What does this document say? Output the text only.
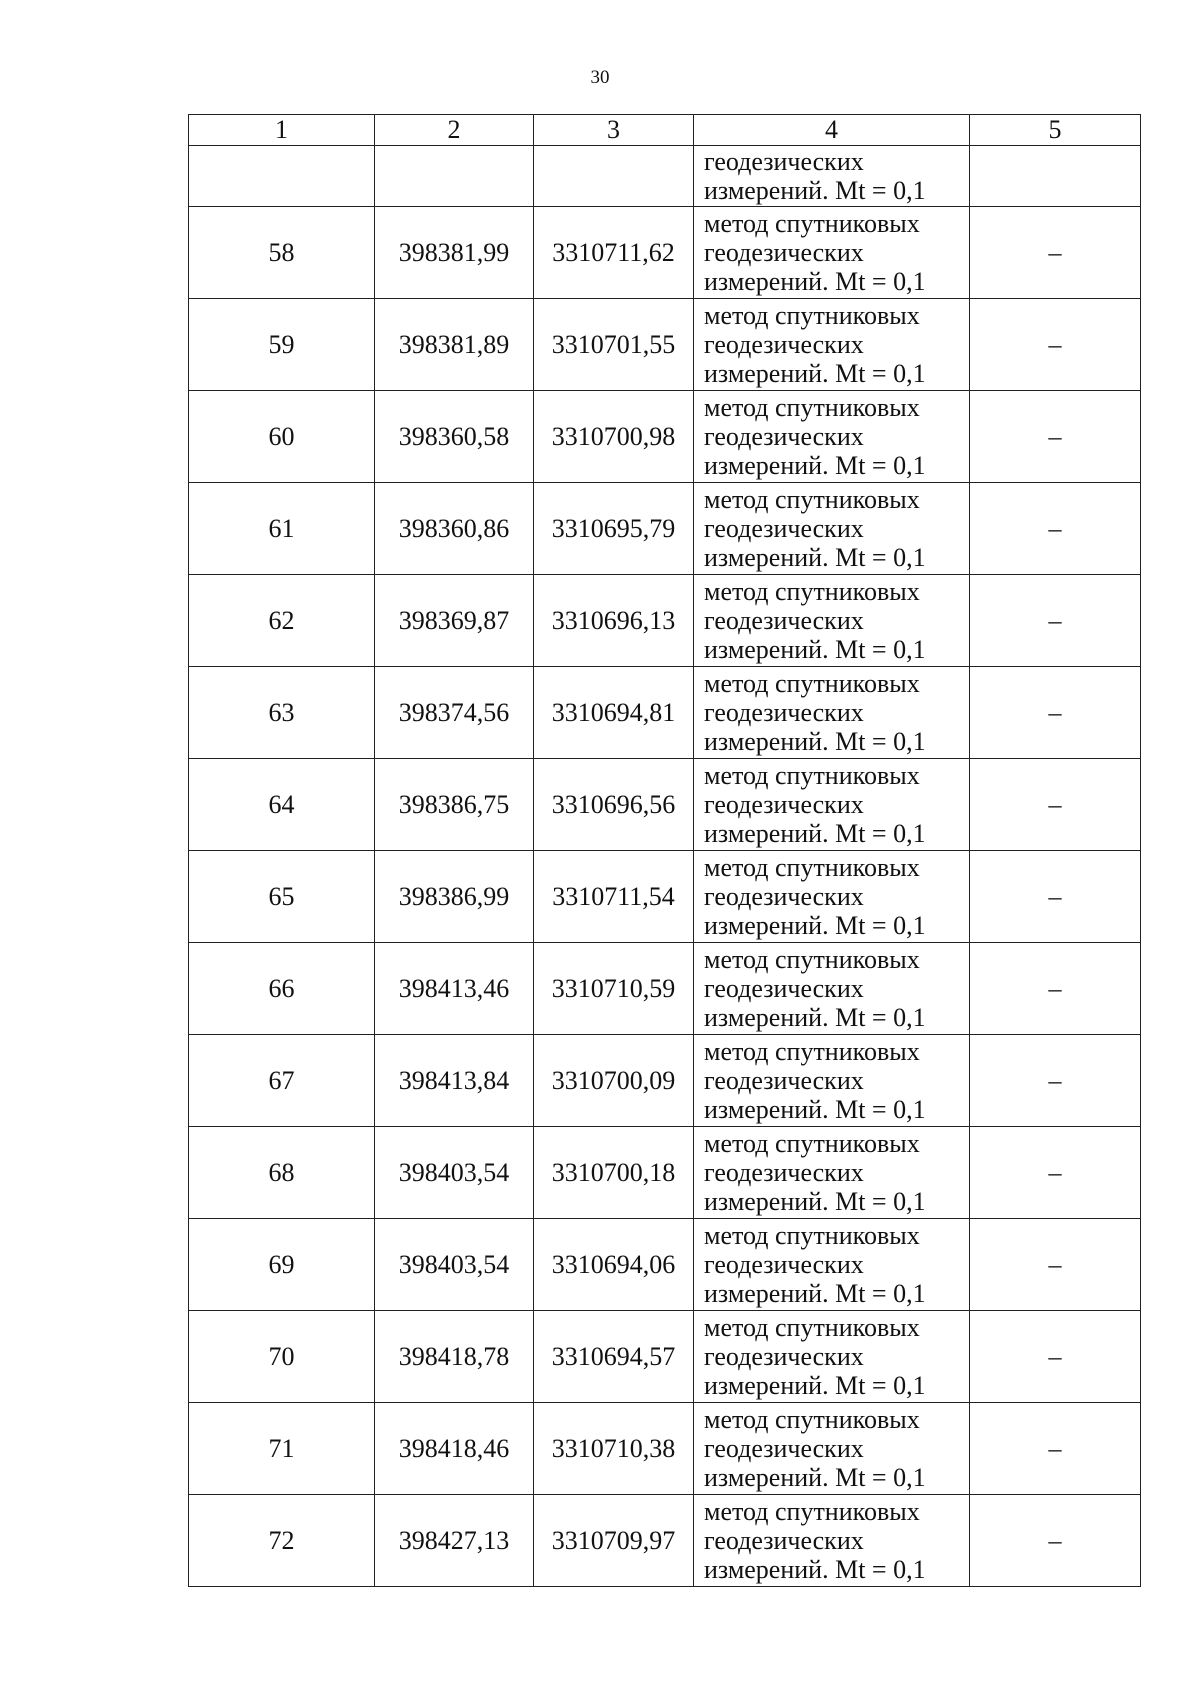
30
1	2	3	4	5
			геодезических
измерений. Mt = 0,1	
58	398381,99	3310711,62	метод спутниковых
геодезических
измерений. Mt = 0,1	–
59	398381,89	3310701,55	метод спутниковых
геодезических
измерений. Mt = 0,1	–
60	398360,58	3310700,98	метод спутниковых
геодезических
измерений. Mt = 0,1	–
61	398360,86	3310695,79	метод спутниковых
геодезических
измерений. Mt = 0,1	–
62	398369,87	3310696,13	метод спутниковых
геодезических
измерений. Mt = 0,1	–
63	398374,56	3310694,81	метод спутниковых
геодезических
измерений. Mt = 0,1	–
64	398386,75	3310696,56	метод спутниковых
геодезических
измерений. Mt = 0,1	–
65	398386,99	3310711,54	метод спутниковых
геодезических
измерений. Mt = 0,1	–
66	398413,46	3310710,59	метод спутниковых
геодезических
измерений. Mt = 0,1	–
67	398413,84	3310700,09	метод спутниковых
геодезических
измерений. Mt = 0,1	–
68	398403,54	3310700,18	метод спутниковых
геодезических
измерений. Mt = 0,1	–
69	398403,54	3310694,06	метод спутниковых
геодезических
измерений. Mt = 0,1	–
70	398418,78	3310694,57	метод спутниковых
геодезических
измерений. Mt = 0,1	–
71	398418,46	3310710,38	метод спутниковых
геодезических
измерений. Mt = 0,1	–
72	398427,13	3310709,97	метод спутниковых
геодезических
измерений. Mt = 0,1	–
